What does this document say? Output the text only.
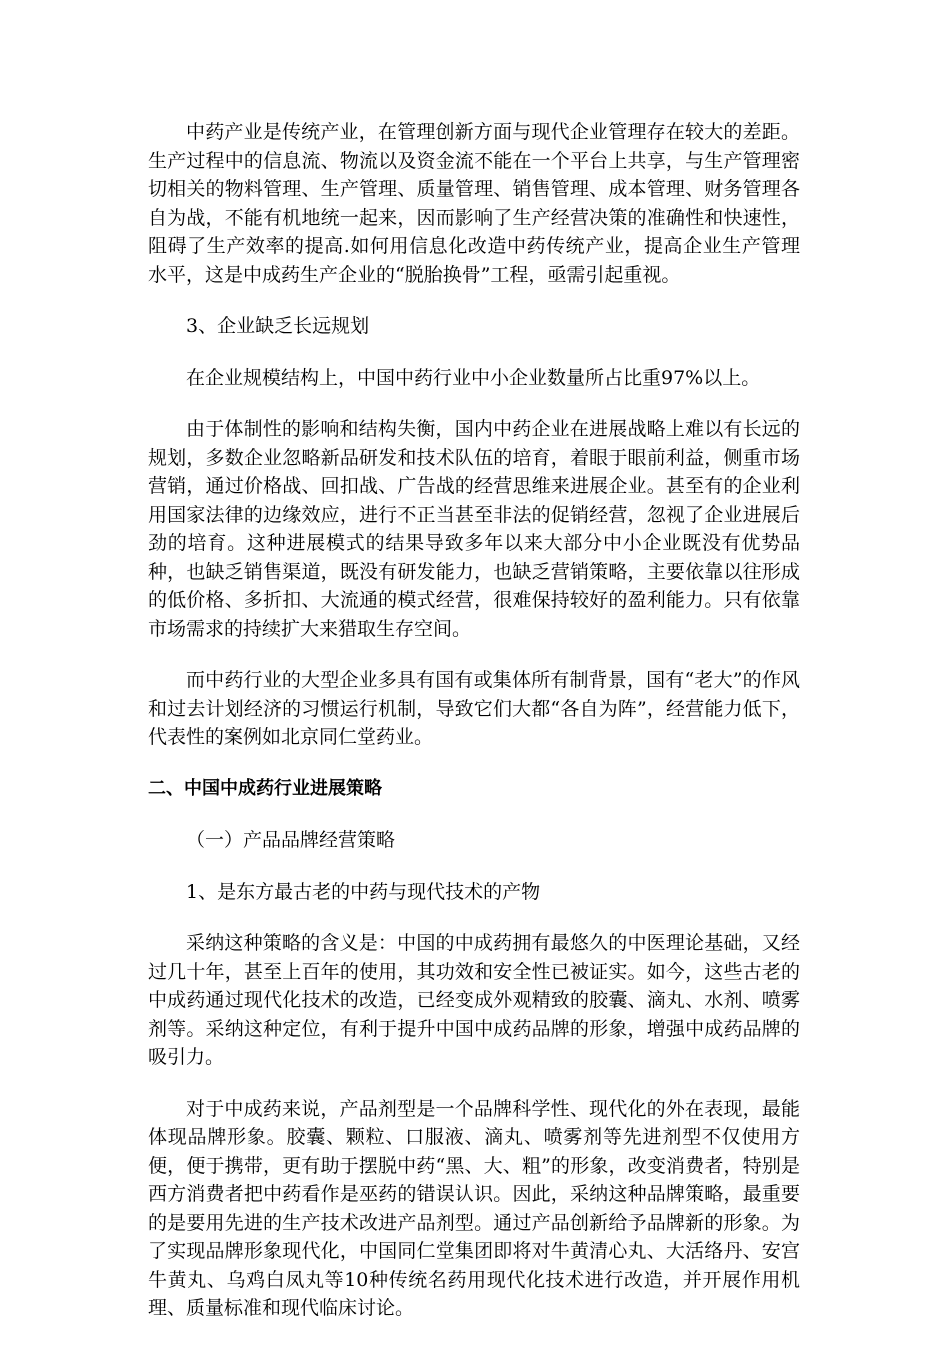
中药产业是传统产业，在管理创新方面与现代企业管理存在较大的差距。生产过程中的信息流、物流以及资金流不能在一个平台上共享，与生产管理密切相关的物料管理、生产管理、质量管理、销售管理、成本管理、财务管理各自为战，不能有机地统一起来，因而影响了生产经营决策的准确性和快速性，阻碍了生产效率的提高.如何用信息化改造中药传统产业，提高企业生产管理水平，这是中成药生产企业的“脱胎换骨”工程，亟需引起重视。

3、企业缺乏长远规划

在企业规模结构上，中国中药行业中小企业数量所占比重97%以上。

由于体制性的影响和结构失衡，国内中药企业在进展战略上难以有长远的规划，多数企业忽略新品研发和技术队伍的培育，着眼于眼前利益，侧重市场营销，通过价格战、回扣战、广告战的经营思维来进展企业。甚至有的企业利用国家法律的边缘效应，进行不正当甚至非法的促销经营，忽视了企业进展后劲的培育。这种进展模式的结果导致多年以来大部分中小企业既没有优势品种，也缺乏销售渠道，既没有研发能力，也缺乏营销策略，主要依靠以往形成的低价格、多折扣、大流通的模式经营，很难保持较好的盈利能力。只有依靠市场需求的持续扩大来猎取生存空间。

而中药行业的大型企业多具有国有或集体所有制背景，国有“老大”的作风和过去计划经济的习惯运行机制，导致它们大都“各自为阵”，经营能力低下，代表性的案例如北京同仁堂药业。

二、中国中成药行业进展策略

（一）产品品牌经营策略

1、是东方最古老的中药与现代技术的产物

采纳这种策略的含义是：中国的中成药拥有最悠久的中医理论基础，又经过几十年，甚至上百年的使用，其功效和安全性已被证实。如今，这些古老的中成药通过现代化技术的改造，已经变成外观精致的胶囊、滴丸、水剂、喷雾剂等。采纳这种定位，有利于提升中国中成药品牌的形象，增强中成药品牌的吸引力。

对于中成药来说，产品剂型是一个品牌科学性、现代化的外在表现，最能体现品牌形象。胶囊、颗粒、口服液、滴丸、喷雾剂等先进剂型不仅使用方便，便于携带，更有助于摆脱中药“黑、大、粗”的形象，改变消费者，特别是西方消费者把中药看作是巫药的错误认识。因此，采纳这种品牌策略，最重要的是要用先进的生产技术改进产品剂型。通过产品创新给予品牌新的形象。为了实现品牌形象现代化，中国同仁堂集团即将对牛黄清心丸、大活络丹、安宫牛黄丸、乌鸡白凤丸等10种传统名药用现代化技术进行改造，并开展作用机理、质量标准和现代临床讨论。
